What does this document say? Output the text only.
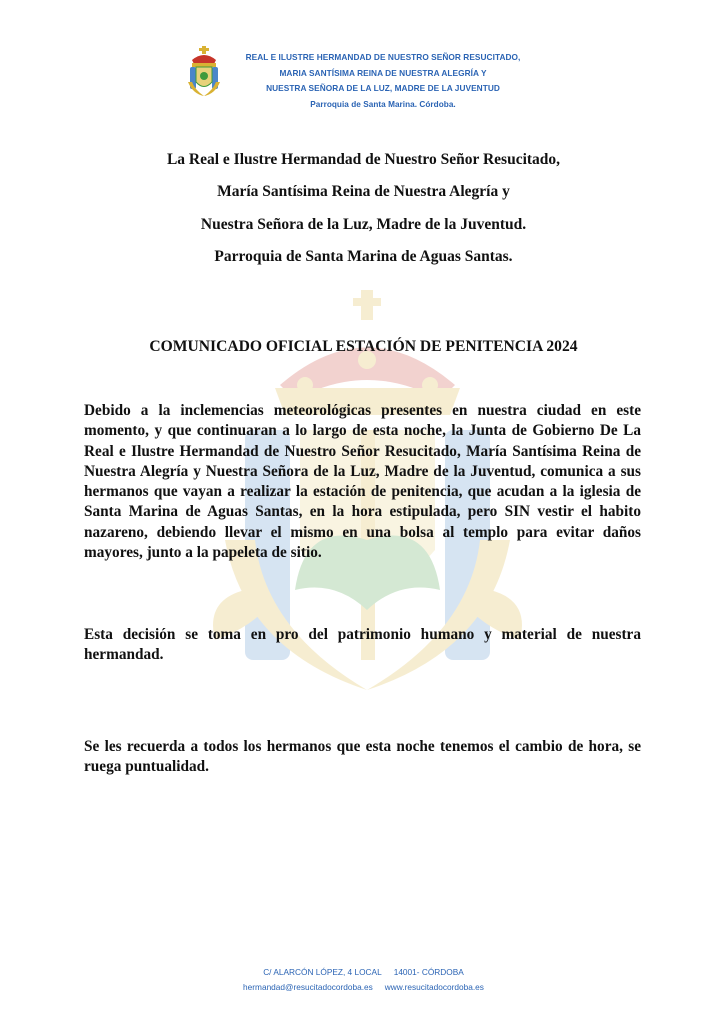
REAL E ILUSTRE HERMANDAD DE NUESTRO SEÑOR RESUCITADO,
MARIA SANTÍSIMA REINA DE NUESTRA ALEGRÍA Y
NUESTRA SEÑORA DE LA LUZ, MADRE DE LA JUVENTUD
Parroquia de Santa Marina. Córdoba.
La Real e Ilustre Hermandad de Nuestro Señor Resucitado,
María Santísima Reina de Nuestra Alegría y
Nuestra Señora de la Luz, Madre de la Juventud.
Parroquia de Santa Marina de Aguas Santas.
COMUNICADO OFICIAL ESTACIÓN DE PENITENCIA 2024
Debido a la inclemencias meteorológicas presentes en nuestra ciudad en este momento, y que continuaran a lo largo de esta noche, la Junta de Gobierno De La Real e Ilustre Hermandad de Nuestro Señor Resucitado, María Santísima Reina de Nuestra Alegría y Nuestra Señora de la Luz, Madre de la Juventud, comunica a sus hermanos que vayan a realizar la estación de penitencia, que acudan a la iglesia de Santa Marina de Aguas Santas, en la hora estipulada, pero SIN vestir el habito nazareno, debiendo llevar el mismo en una bolsa al templo para evitar daños mayores, junto a la papeleta de sitio.
Esta decisión se toma en pro del patrimonio humano y material de nuestra hermandad.
Se les recuerda a todos los hermanos que esta noche tenemos el cambio de hora, se ruega puntualidad.
C/ ALARCÓN LÓPEZ, 4 LOCAL 14001- CÓRDOBA
hermandad@resucitadocordoba.es www.resucitadocordoba.es
